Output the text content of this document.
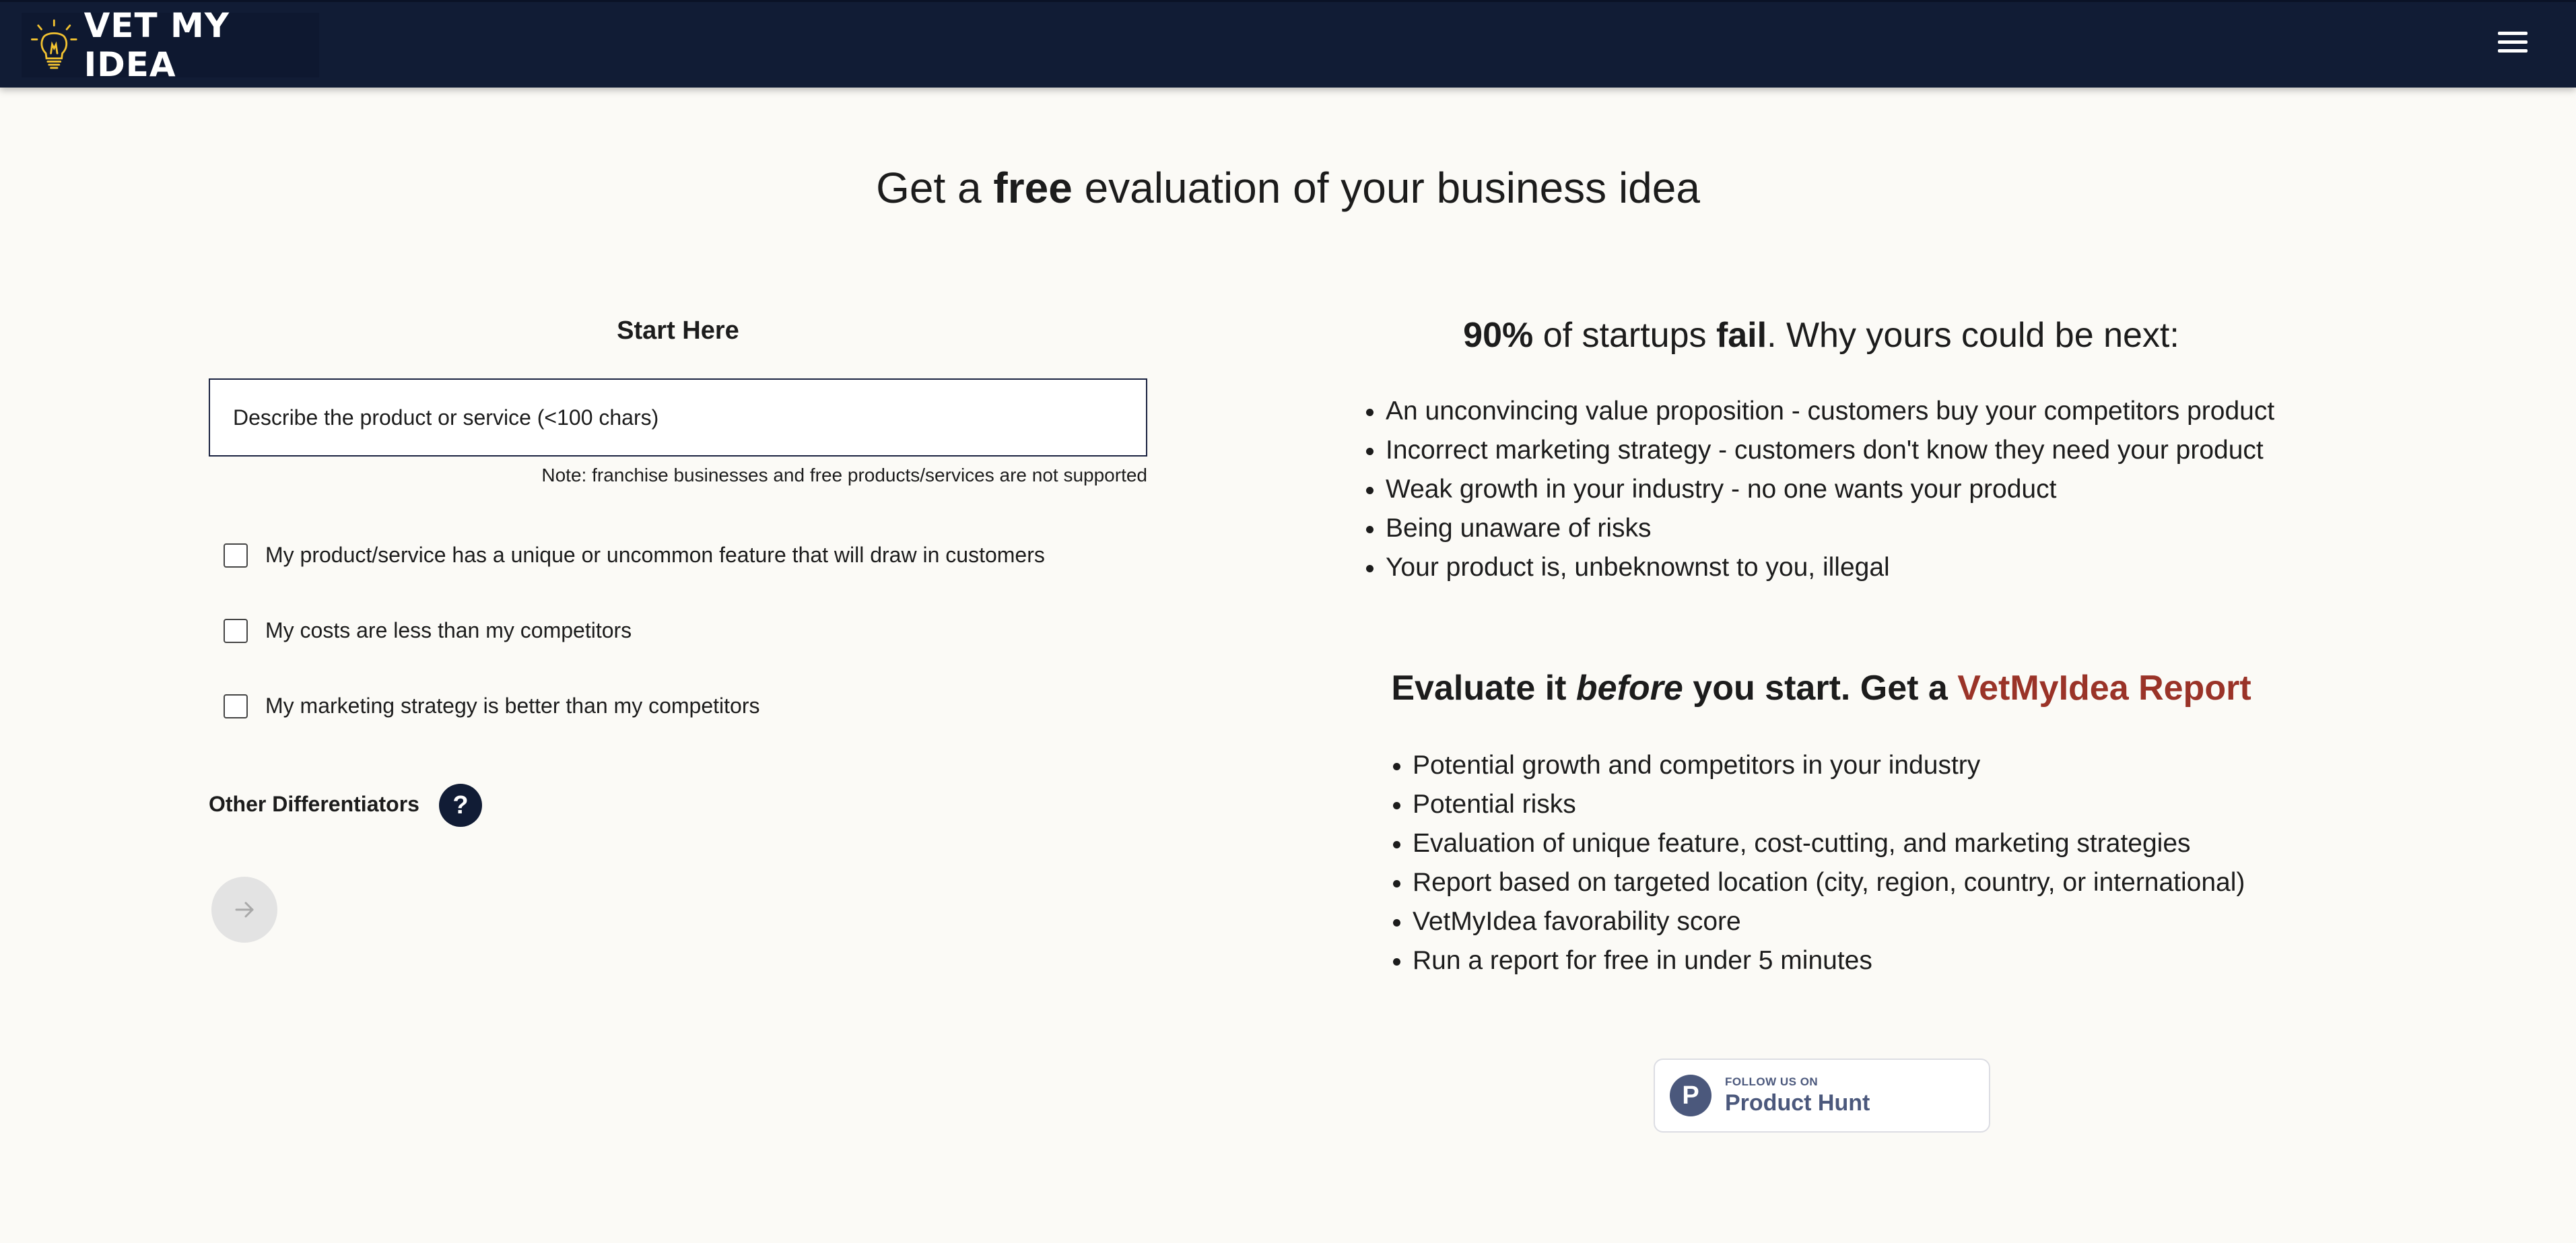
VET MY IDEA
Get a free evaluation of your business idea
Start Here
Describe the product or service (<100 chars)
Note: franchise businesses and free products/services are not supported
My product/service has a unique or uncommon feature that will draw in customers
My costs are less than my competitors
My marketing strategy is better than my competitors
Other Differentiators ?
90% of startups fail. Why yours could be next:
• An unconvincing value proposition - customers buy your competitors product
• Incorrect marketing strategy - customers don't know they need your product
• Weak growth in your industry - no one wants your product
• Being unaware of risks
• Your product is, unbeknownst to you, illegal
Evaluate it before you start. Get a VetMyIdea Report
• Potential growth and competitors in your industry
• Potential risks
• Evaluation of unique feature, cost-cutting, and marketing strategies
• Report based on targeted location (city, region, country, or international)
• VetMyIdea favorability score
• Run a report for free in under 5 minutes
P FOLLOW US ON
Product Hunt
